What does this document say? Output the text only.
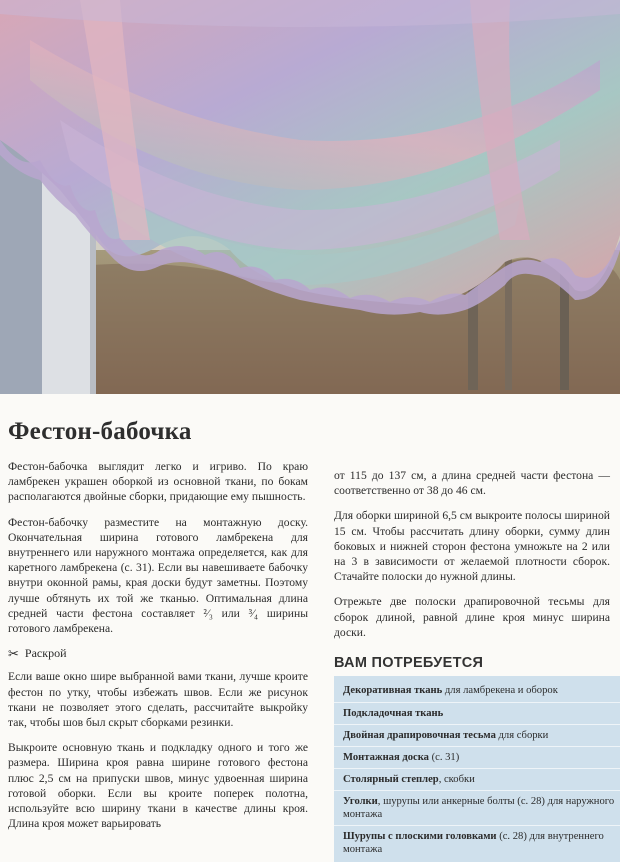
Фестон-бабочка

Фестон-бабочка выглядит легко и игриво. По краю ламбрекен украшен оборкой из основной ткани, по бокам располагаются двойные сборки, придающие ему пышность.

Фестон-бабочку разместите на монтажную доску. Окончательная ширина готового ламбрекена для внутреннего или наружного монтажа определяется, как для каретного ламбрекена (с. 31). Если вы навешиваете бабочку внутри оконной рамы, края доски будут заметны. Поэтому лучше обтянуть их той же тканью. Оптимальная длина средней части фестона составляет ²⁄₃ или ³⁄₄ ширины готового ламбрекена.

✂ Раскрой

Если ваше окно шире выбранной вами ткани, лучше кроите фестон по утку, чтобы избежать швов. Если же рисунок ткани не позволяет этого сделать, рассчитайте выкройку так, чтобы шов был скрыт сборками резинки.

Выкроите основную ткань и подкладку одного и того же размера. Ширина кроя равна ширине готового фестона плюс 2,5 см на припуски швов, минус удвоенная ширина готовой оборки. Если вы кроите поперек полотна, используйте всю ширину ткани в качестве длины кроя. Длина кроя может варьировать

от 115 до 137 см, а длина средней части фестона — соответственно от 38 до 46 см.

Для оборки шириной 6,5 см выкроите полосы шириной 15 см. Чтобы рассчитать длину оборки, сумму длин боковых и нижней сторон фестона умножьте на 2 или на 3 в зависимости от желаемой плотности сборок. Стачайте полоски до нужной длины.

Отрежьте две полоски драпировочной тесьмы для сборок длиной, равной длине кроя минус ширина доски.

ВАМ ПОТРЕБУЕТСЯ
Декоративная ткань для ламбрекена и оборок
Подкладочная ткань
Двойная драпировочная тесьма для сборки
Монтажная доска (с. 31)
Столярный степлер, скобки
Уголки, шурупы или анкерные болты (с. 28) для наружного монтажа
Шурупы с плоскими головками (с. 28) для внутреннего монтажа
